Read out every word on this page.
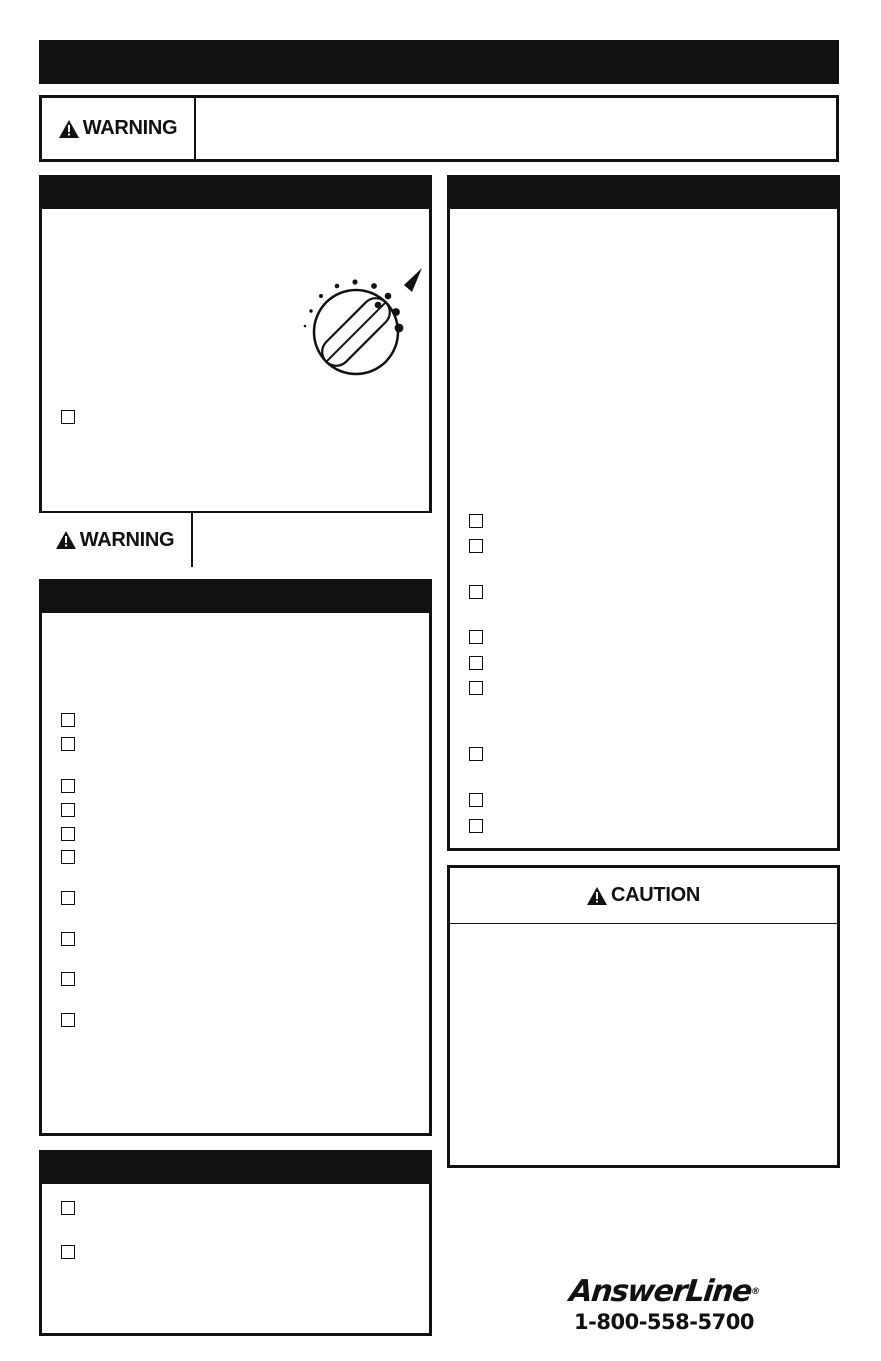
WARNING
WARNING
CAUTION
AnswerLine®
1-800-558-5700
